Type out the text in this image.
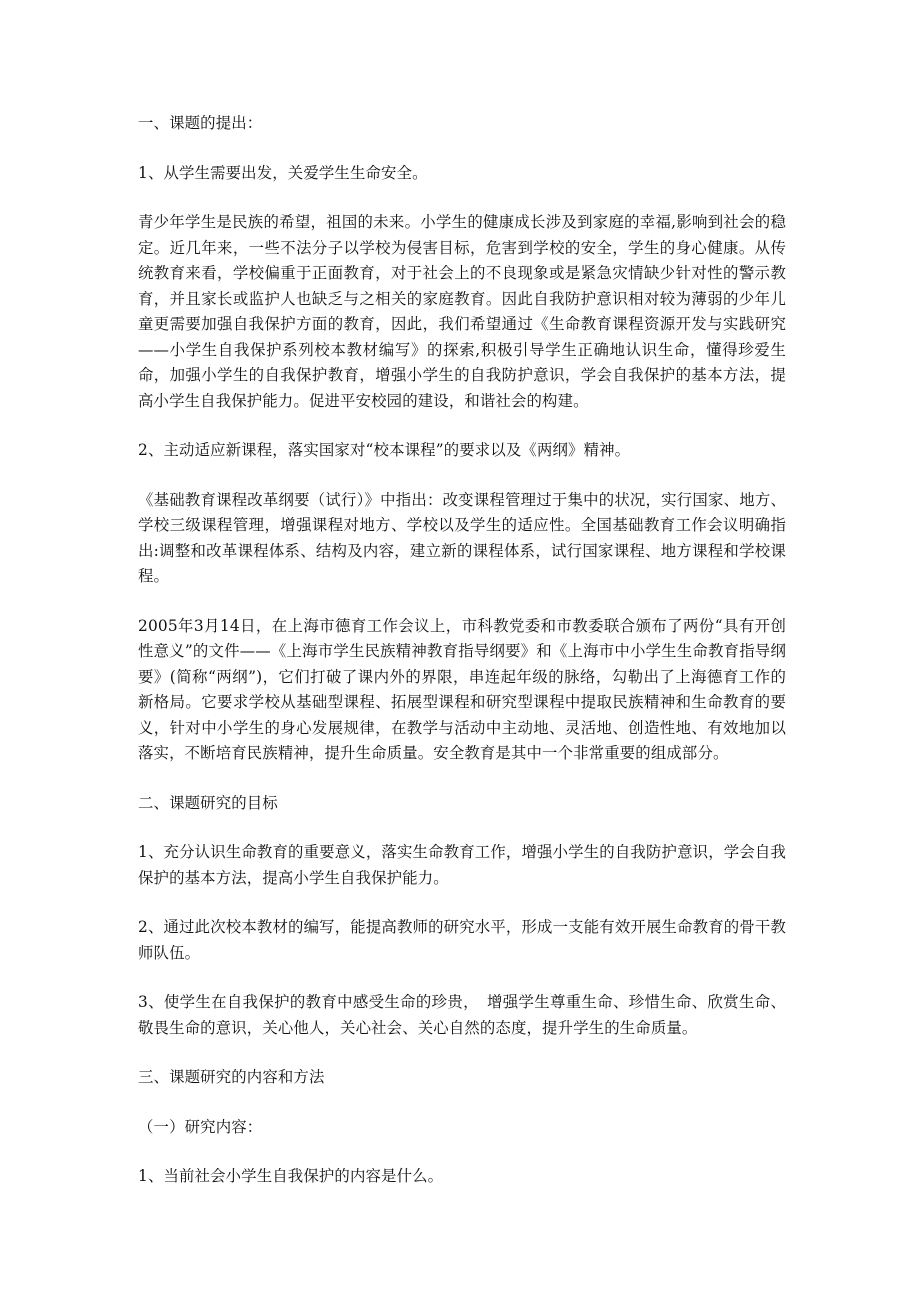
一、课题的提出：

1、从学生需要出发，关爱学生生命安全。

青少年学生是民族的希望，祖国的未来。小学生的健康成长涉及到家庭的幸福,影响到社会的稳定。近几年来，一些不法分子以学校为侵害目标，危害到学校的安全，学生的身心健康。从传统教育来看，学校偏重于正面教育，对于社会上的不良现象或是紧急灾情缺少针对性的警示教育，并且家长或监护人也缺乏与之相关的家庭教育。因此自我防护意识相对较为薄弱的少年儿童更需要加强自我保护方面的教育，因此，我们希望通过《生命教育课程资源开发与实践研究——小学生自我保护系列校本教材编写》的探索,积极引导学生正确地认识生命，懂得珍爱生命，加强小学生的自我保护教育，增强小学生的自我防护意识，学会自我保护的基本方法，提高小学生自我保护能力。促进平安校园的建设，和谐社会的构建。

2、主动适应新课程，落实国家对“校本课程”的要求以及《两纲》精神。

《基础教育课程改革纲要（试行）》中指出：改变课程管理过于集中的状况，实行国家、地方、学校三级课程管理，增强课程对地方、学校以及学生的适应性。全国基础教育工作会议明确指出:调整和改革课程体系、结构及内容，建立新的课程体系，试行国家课程、地方课程和学校课程。

2005年3月14日，在上海市德育工作会议上，市科教党委和市教委联合颁布了两份“具有开创性意义”的文件——《上海市学生民族精神教育指导纲要》和《上海市中小学生生命教育指导纲要》(简称“两纲”)，它们打破了课内外的界限，串连起年级的脉络，勾勒出了上海德育工作的新格局。它要求学校从基础型课程、拓展型课程和研究型课程中提取民族精神和生命教育的要义，针对中小学生的身心发展规律，在教学与活动中主动地、灵活地、创造性地、有效地加以落实，不断培育民族精神，提升生命质量。安全教育是其中一个非常重要的组成部分。

二、课题研究的目标

1、充分认识生命教育的重要意义，落实生命教育工作，增强小学生的自我防护意识，学会自我保护的基本方法，提高小学生自我保护能力。

2、通过此次校本教材的编写，能提高教师的研究水平，形成一支能有效开展生命教育的骨干教师队伍。

3、使学生在自我保护的教育中感受生命的珍贵，　增强学生尊重生命、珍惜生命、欣赏生命、敬畏生命的意识，关心他人，关心社会、关心自然的态度，提升学生的生命质量。

三、课题研究的内容和方法

（一）研究内容：

1、当前社会小学生自我保护的内容是什么。
